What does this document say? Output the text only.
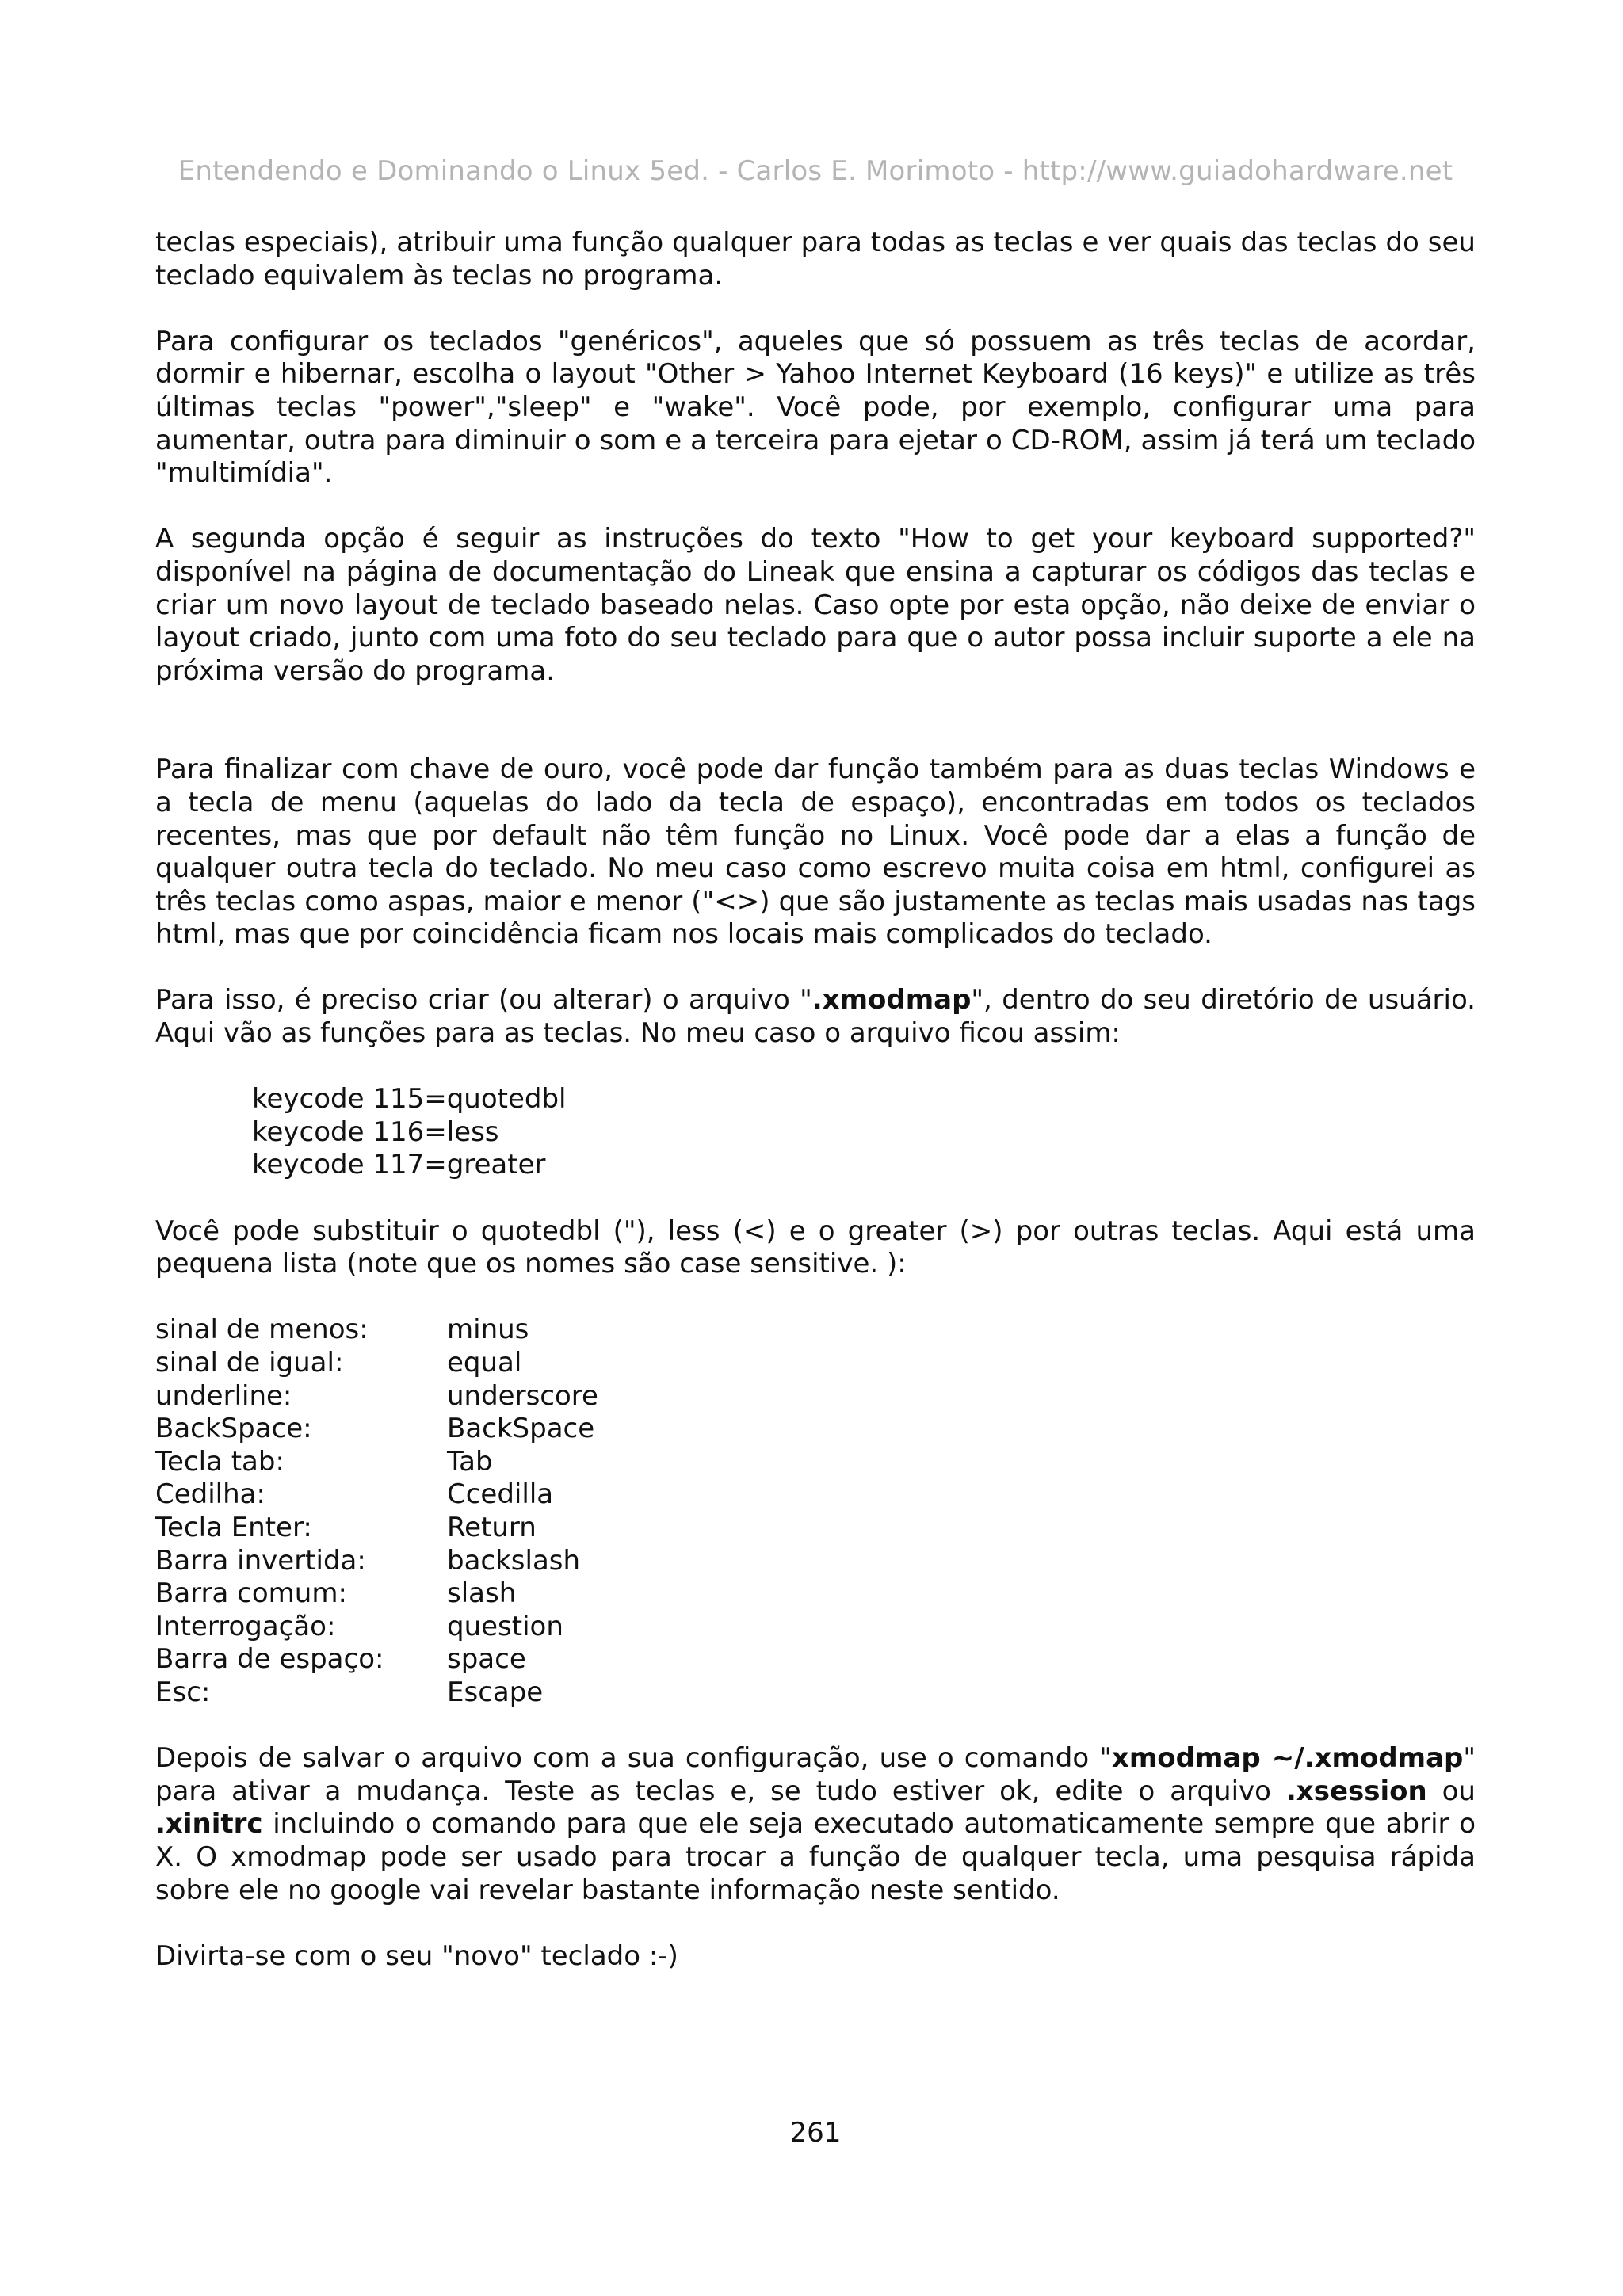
Entendendo e Dominando o Linux 5ed. - Carlos E. Morimoto - http://www.guiadohardware.net

teclas especiais), atribuir uma função qualquer para todas as teclas e ver quais das teclas do seu teclado equivalem às teclas no programa.

Para configurar os teclados "genéricos", aqueles que só possuem as três teclas de acordar, dormir e hibernar, escolha o layout "Other > Yahoo Internet Keyboard (16 keys)" e utilize as três últimas teclas "power","sleep" e "wake". Você pode, por exemplo, configurar uma para aumentar, outra para diminuir o som e a terceira para ejetar o CD-ROM, assim já terá um teclado "multimídia".

A segunda opção é seguir as instruções do texto "How to get your keyboard supported?" disponível na página de documentação do Lineak que ensina a capturar os códigos das teclas e criar um novo layout de teclado baseado nelas. Caso opte por esta opção, não deixe de enviar o layout criado, junto com uma foto do seu teclado para que o autor possa incluir suporte a ele na próxima versão do programa.

Para finalizar com chave de ouro, você pode dar função também para as duas teclas Windows e a tecla de menu (aquelas do lado da tecla de espaço), encontradas em todos os teclados recentes, mas que por default não têm função no Linux. Você pode dar a elas a função de qualquer outra tecla do teclado. No meu caso como escrevo muita coisa em html, configurei as três teclas como aspas, maior e menor ("<>) que são justamente as teclas mais usadas nas tags html, mas que por coincidência ficam nos locais mais complicados do teclado.

Para isso, é preciso criar (ou alterar) o arquivo ".xmodmap", dentro do seu diretório de usuário. Aqui vão as funções para as teclas. No meu caso o arquivo ficou assim:

keycode 115=quotedbl
keycode 116=less
keycode 117=greater

Você pode substituir o quotedbl ("), less (<) e o greater (>) por outras teclas. Aqui está uma pequena lista (note que os nomes são case sensitive. ):

sinal de menos:	minus
sinal de igual:	equal
underline:	underscore
BackSpace:	BackSpace
Tecla tab:	Tab
Cedilha:	Ccedilla
Tecla Enter:	Return
Barra invertida:	backslash
Barra comum:	slash
Interrogação:	question
Barra de espaço:	space
Esc:	Escape

Depois de salvar o arquivo com a sua configuração, use o comando "xmodmap ~/.xmodmap" para ativar a mudança. Teste as teclas e, se tudo estiver ok, edite o arquivo .xsession ou .xinitrc incluindo o comando para que ele seja executado automaticamente sempre que abrir o X. O xmodmap pode ser usado para trocar a função de qualquer tecla, uma pesquisa rápida sobre ele no google vai revelar bastante informação neste sentido.

Divirta-se com o seu "novo" teclado :-)

261
